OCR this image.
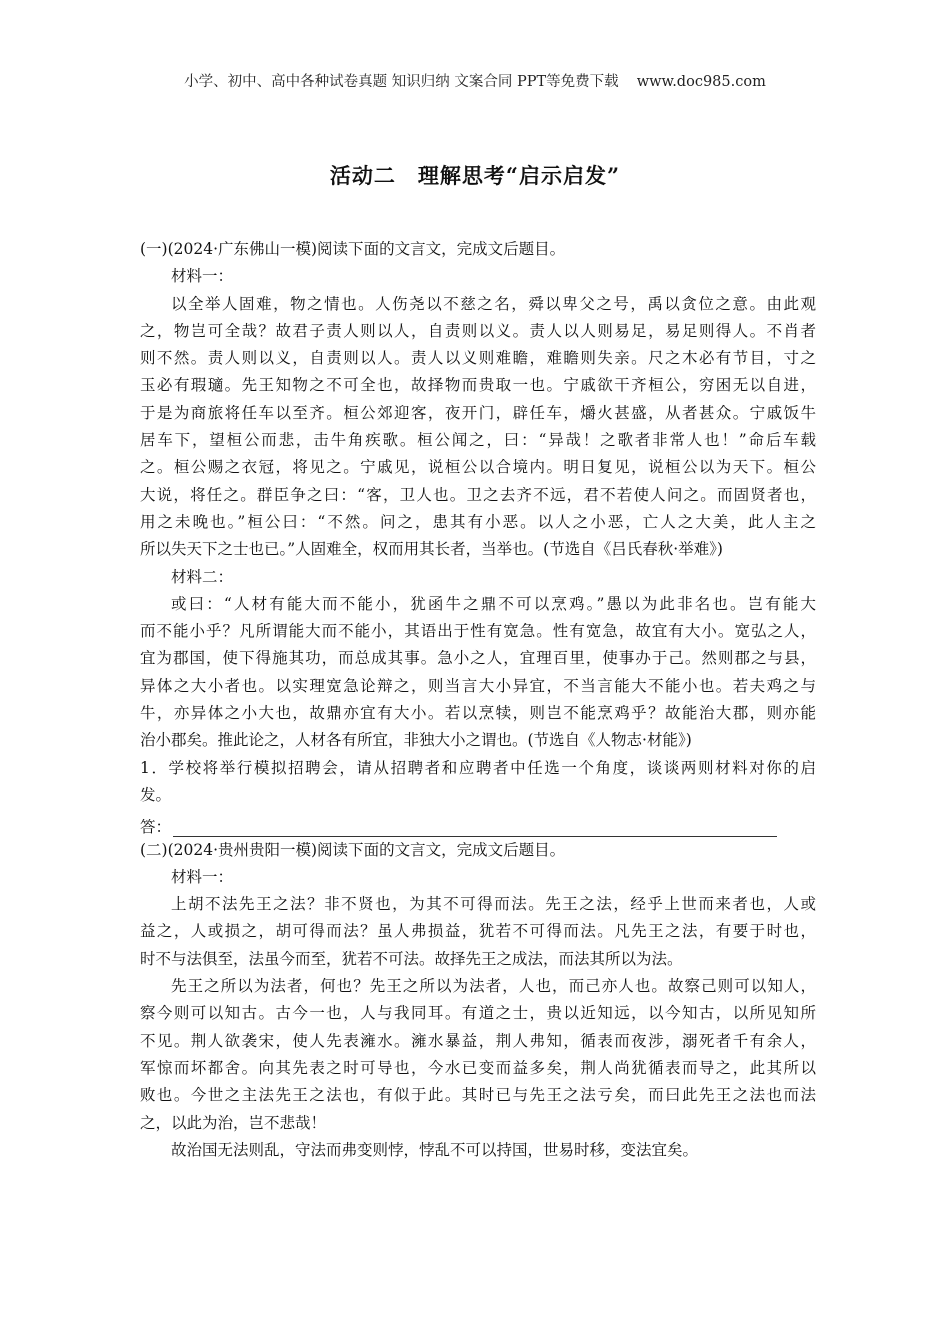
小学、初中、高中各种试卷真题 知识归纳 文案合同 PPT等免费下载 www.doc985.com
活动二　理解思考“启示启发”
(一)(2024·广东佛山一模)阅读下面的文言文，完成文后题目。
材料一：
以全举人固难，物之情也。人伤尧以不慈之名，舜以卑父之号，禹以贪位之意。由此观
之，物岂可全哉？故君子责人则以人，自责则以义。责人以人则易足，易足则得人。不肖者
则不然。责人则以义，自责则以人。责人以义则难瞻，难瞻则失亲。尺之木必有节目，寸之
玉必有瑕瓋。先王知物之不可全也，故择物而贵取一也。宁戚欲干齐桓公，穷困无以自进，
于是为商旅将任车以至齐。桓公郊迎客，夜开门，辟任车，爝火甚盛，从者甚众。宁戚饭牛
居车下，望桓公而悲，击牛角疾歌。桓公闻之，曰：“异哉！之歌者非常人也！”命后车载
之。桓公赐之衣冠，将见之。宁戚见，说桓公以合境内。明日复见，说桓公以为天下。桓公
大说，将任之。群臣争之曰：“客，卫人也。卫之去齐不远，君不若使人问之。而固贤者也，
用之未晚也。”桓公曰：“不然。问之，患其有小恶。以人之小恶，亡人之大美，此人主之
所以失天下之士也已。”人固难全，权而用其长者，当举也。(节选自《吕氏春秋·举难》)
材料二：
或曰：“人材有能大而不能小，犹函牛之鼎不可以烹鸡。”愚以为此非名也。岂有能大
而不能小乎？凡所谓能大而不能小，其语出于性有宽急。性有宽急，故宜有大小。宽弘之人，
宜为郡国，使下得施其功，而总成其事。急小之人，宜理百里，使事办于己。然则郡之与县，
异体之大小者也。以实理宽急论辩之，则当言大小异宜，不当言能大不能小也。若夫鸡之与
牛，亦异体之小大也，故鼎亦宜有大小。若以烹犊，则岂不能烹鸡乎？故能治大郡，则亦能
治小郡矣。推此论之，人材各有所宜，非独大小之谓也。(节选自《人物志·材能》)
1．学校将举行模拟招聘会，请从招聘者和应聘者中任选一个角度，谈谈两则材料对你的启
发。
答：
(二)(2024·贵州贵阳一模)阅读下面的文言文，完成文后题目。
材料一：
上胡不法先王之法？非不贤也，为其不可得而法。先王之法，经乎上世而来者也，人或
益之，人或损之，胡可得而法？虽人弗损益，犹若不可得而法。凡先王之法，有要于时也，
时不与法俱至，法虽今而至，犹若不可法。故择先王之成法，而法其所以为法。
先王之所以为法者，何也？先王之所以为法者，人也，而己亦人也。故察己则可以知人，
察今则可以知古。古今一也，人与我同耳。有道之士，贵以近知远，以今知古，以所见知所
不见。荆人欲袭宋，使人先表澭水。澭水暴益，荆人弗知，循表而夜涉，溺死者千有余人，
军惊而坏都舍。向其先表之时可导也，今水已变而益多矣，荆人尚犹循表而导之，此其所以
败也。今世之主法先王之法也，有似于此。其时已与先王之法亏矣，而曰此先王之法也而法
之，以此为治，岂不悲哉！
故治国无法则乱，守法而弗变则悖，悖乱不可以持国，世易时移，变法宜矣。
